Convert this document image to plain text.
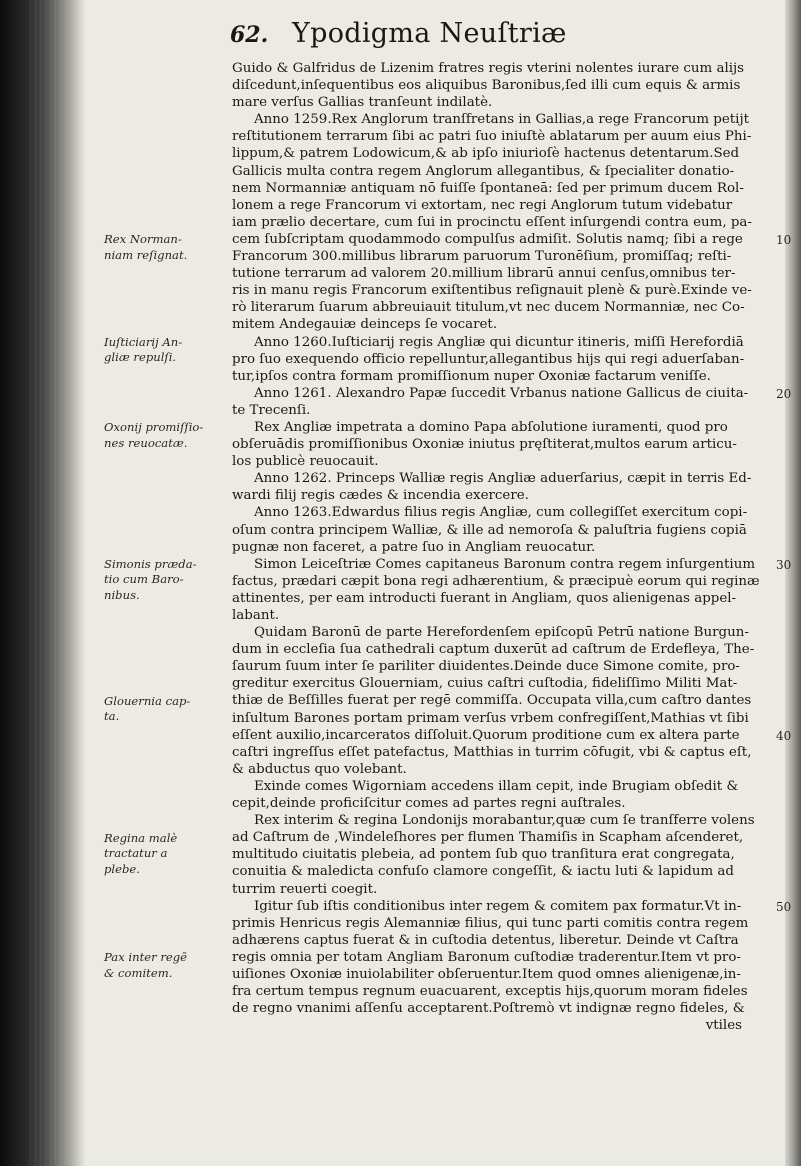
62. Ypodigma Neuſtriæ
Guido & Galfridus de Lizenim fratres regis vterini nolentes iurare cum alijs
diſcedunt,inſequentibus eos aliquibus Baronibus,ſed illi cum equis & armis
mare verſus Gallias tranſeunt indilatè.
Anno 1259.Rex Anglorum tranſfretans in Gallias,a rege Francorum petijt
reſtitutionem terrarum ſibi ac patri ſuo iniuſtè ablatarum per auum eius Phi-
lippum,& patrem Lodowicum,& ab ipſo iniurioſè hactenus detentarum.Sed
Gallicis multa contra regem Anglorum allegantibus, & ſpecialiter donatio-
nem Normanniæ antiquam nō fuiſſe ſpontaneā: ſed per primum ducem Rol-
lonem a rege Francorum vi extortam, nec regi Anglorum tutum videbatur
iam prælio decertare, cum ſui in procinctu eſſent inſurgendi contra eum, pa-
cem ſubſcriptam quodammodo compulſus admiſit. Solutis namq; ſibi a rege
Francorum 300.millibus librarum paruorum Turonēſium, promiſſaq; reſti-
tutione terrarum ad valorem 20.millium librarū annui cenſus,omnibus ter-
ris in manu regis Francorum exiſtentibus reſignauit plenè & purè.Exinde ve-
rò literarum ſuarum abbreuiauit titulum,vt nec ducem Normanniæ, nec Co-
mitem Andegauiæ deinceps ſe vocaret.
Anno 1260.Iuſticiarij regis Angliæ qui dicuntur itineris, miſſi Herefordiā
pro ſuo exequendo officio repelluntur,allegantibus hijs qui regi aduerſaban-
tur,ipſos contra formam promiſſionum nuper Oxoniæ factarum veniſſe.
Anno 1261. Alexandro Papæ ſuccedit Vrbanus natione Gallicus de ciuita-
te Trecenſi.
Rex Angliæ impetrata a domino Papa abſolutione iuramenti, quod pro
obſeruādis promiſſionibus Oxoniæ iniutus pręſtiterat,multos earum articu-
los publicè reuocauit.
Anno 1262. Princeps Walliæ regis Angliæ aduerſarius, cæpit in terris Ed-
wardi filij regis cædes & incendia exercere.
Anno 1263.Edwardus filius regis Angliæ, cum collegiſſet exercitum copi-
oſum contra principem Walliæ, & ille ad nemoroſa & paluſtria fugiens copiā
pugnæ non faceret, a patre ſuo in Angliam reuocatur.
Simon Leiceſtriæ Comes capitaneus Baronum contra regem inſurgentium
factus, prædari cæpit bona regi adhærentium, & præcipuè eorum qui reginæ
attinentes, per eam introducti fuerant in Angliam, quos alienigenas appel-
labant.
Quidam Baronū de parte Herefordenſem epiſcopū Petrū natione Burgun-
dum in eccleſia ſua cathedrali captum duxerūt ad caſtrum de Erdefleya, The-
ſaurum ſuum inter ſe pariliter diuidentes.Deinde duce Simone comite, pro-
greditur exercitus Glouerniam, cuius caſtri cuſtodia, fideliſſimo Militi Mat-
thiæ de Beſſilles fuerat per regē commiſſa. Occupata villa,cum caſtro dantes
inſultum Barones portam primam verſus vrbem confregiſſent,Mathias vt ſibi
eſſent auxilio,incarceratos diſſoluit.Quorum proditione cum ex altera parte
caſtri ingreſſus eſſet patefactus, Matthias in turrim cōfugit, vbi & captus eſt,
& abductus quo volebant.
Exinde comes Wigorniam accedens illam cepit, inde Brugiam obſedit &
cepit,deinde proficiſcitur comes ad partes regni auſtrales.
Rex interim & regina Londonijs morabantur,quæ cum ſe tranſferre volens
ad Caſtrum de ,Windeleſhores per flumen Thamiſis in Scapham aſcenderet,
multitudo ciuitatis plebeia, ad pontem ſub quo tranſitura erat congregata,
conuitia & maledicta confuſo clamore congeſſit, & iactu luti & lapidum ad
turrim reuerti coegit.
Igitur ſub iſtis conditionibus inter regem & comitem pax formatur.Vt in-
primis Henricus regis Alemanniæ filius, qui tunc parti comitis contra regem
adhærens captus fuerat & in cuſtodia detentus, liberetur. Deinde vt Caſtra
regis omnia per totam Angliam Baronum cuſtodiæ traderentur.Item vt pro-
uiſiones Oxoniæ inuiolabiliter obſeruentur.Item quod omnes alienigenæ,in-
fra certum tempus regnum euacuarent, exceptis hijs,quorum moram fideles
de regno vnanimi aſſenſu acceptarent.Poſtremò vt indignæ regno fideles, &
vtiles
Rex Norman-
niam reſignat.
Iuſticiarij An-
gliæ repulſi.
Oxonij promiſſio-
nes reuocatæ.
Simonis præda-
tio cum Baro-
nibus.
Glouernia cap-
ta.
Regina malè
tractatur a
plebe.
Pax inter regē
& comitem.
10
20
30
40
50
